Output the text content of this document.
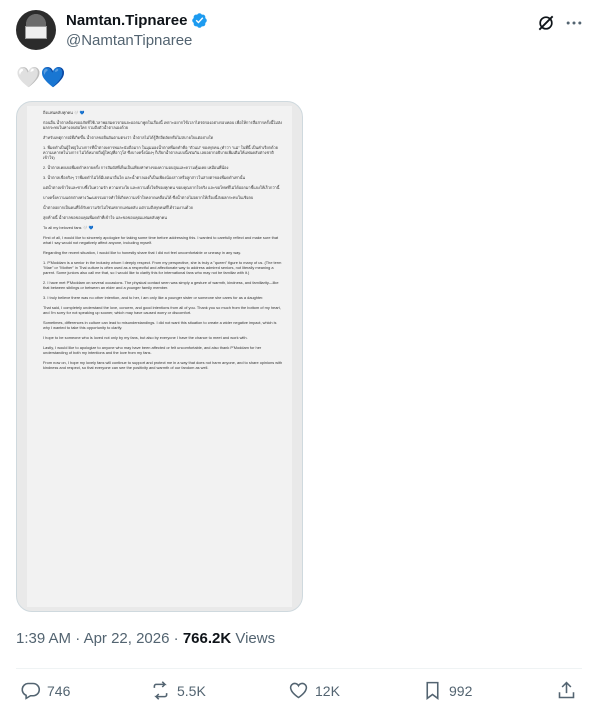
Namtan.Tipnaree
@NamtanTipnaree
🤍💙
ถึงแฟนคลับทุกคน 🤍 💙
ก่อนอื่น น้ำตาลต้องขออภัยที่ใช้เวลาพอสมควรก่อนจะออกมาพูดในเรื่องนี้ เพราะอยากใช้เวลาไตร่ตรองอย่างรอบคอบ เพื่อให้การสื่อสารครั้งนี้ไม่ส่งผลกระทบในทางลบต่อใคร รวมถึงตัวน้ำตาลเองด้วย
สำหรับเหตุการณ์ที่เกิดขึ้น น้ำตาลขอยืนยันตามตรงว่า น้ำตาลไม่ได้รู้สึกอึดอัดหรือไม่สบายใจแต่อย่างใด
1. พี่มดดำเป็นผู้ใหญ่ในวงการที่น้ำตาลเคารพและนับถือมาก ในมุมมองน้ำตาลพี่มดดำคือ "ตัวแม่" ของทุกคน (คำว่า "แม่" ในที่นี้ เป็นคำเรียกด้วยความเคารพในวงการ ไม่ได้หมายถึงผู้ใหญ่ที่อาวุโส ซึ่งบางครั้งน้องๆ ก็เรียกน้ำตาลแบบนี้เช่นกัน เลยอยากอธิบายเพิ่มเติมให้แฟนคลับต่างชาติเข้าใจ)
2. น้ำตาลเคยเจอพี่มดดำหลายครั้ง การสัมผัสที่เห็นเป็นเพียงท่าทางของความอบอุ่นและความคุ้นเคย เหมือนพี่น้อง
3. น้ำตาลเชื่อจริงๆ ว่าพี่มดดำไม่ได้มีเจตนาอื่นใด และน้ำตาลเองก็เป็นเพียงน้องสาวหรือลูกสาวในสายตาของพี่มดดำเท่านั้น
แต่น้ำตาลเข้าใจและซาบซึ้งในความรัก ความห่วงใย และความตั้งใจดีของทุกคน ขอบคุณจากใจจริง และขอโทษที่ไม่ได้ออกมาชี้แจงให้เร็วกว่านี้
บางครั้งความแตกต่างทางวัฒนธรรมอาจทำให้เกิดความเข้าใจคลาดเคลื่อนได้ ซึ่งน้ำตาลไม่อยากให้เรื่องนี้ส่งผลกระทบในเชิงลบ
น้ำตาลอยากเป็นคนที่ได้รับความรักไม่ใช่แค่จากแฟนคลับ แต่รวมถึงทุกคนที่ได้ร่วมงานด้วย
สุดท้ายนี้ น้ำตาลขอขอบคุณพี่มดดำที่เข้าใจ และขอขอบคุณแฟนคลับทุกคน
To all my beloved fans 🤍 💙
First of all, I would like to sincerely apologize for taking some time before addressing this. I wanted to carefully reflect and make sure that what I say would not negatively affect anyone, including myself.
Regarding the recent situation, I would like to honestly share that I did not feel uncomfortable or uneasy in any way.
1. P'Moddam is a senior in the industry whom I deeply respect. From my perspective, she is truly a "queen" figure to many of us. (The term "Mae" or "Mother" in Thai culture is often used as a respectful and affectionate way to address admired seniors, not literally meaning a parent. Some juniors also call me that, so I would like to clarify this for international fans who may not be familiar with it.)
2. I have met P'Moddam on several occasions. The physical contact seen was simply a gesture of warmth, kindness, and familiarity—like that between siblings or between an elder and a younger family member.
3. I truly believe there was no other intention, and to her, I am only like a younger sister or someone she cares for as a daughter.
That said, I completely understand the love, concern, and good intentions from all of you. Thank you so much from the bottom of my heart, and I'm sorry for not speaking up sooner, which may have caused worry or discomfort.
Sometimes, differences in culture can lead to misunderstandings. I did not want this situation to create a wider negative impact, which is why I wanted to take this opportunity to clarify.
I hope to be someone who is loved not only by my fans, but also by everyone I have the chance to meet and work with.
Lastly, I would like to apologize to anyone who may have been affected or felt uncomfortable, and also thank P'Moddam for her understanding of both my intentions and the love from my fans.
From now on, I hope my lovely fans will continue to support and protect me in a way that does not harm anyone, and to share opinions with kindness and respect, so that everyone can see the positivity and warmth of our fandom as well.
1:39 AM · Apr 22, 2026 · 766.2K Views
746	5.5K	12K	992
